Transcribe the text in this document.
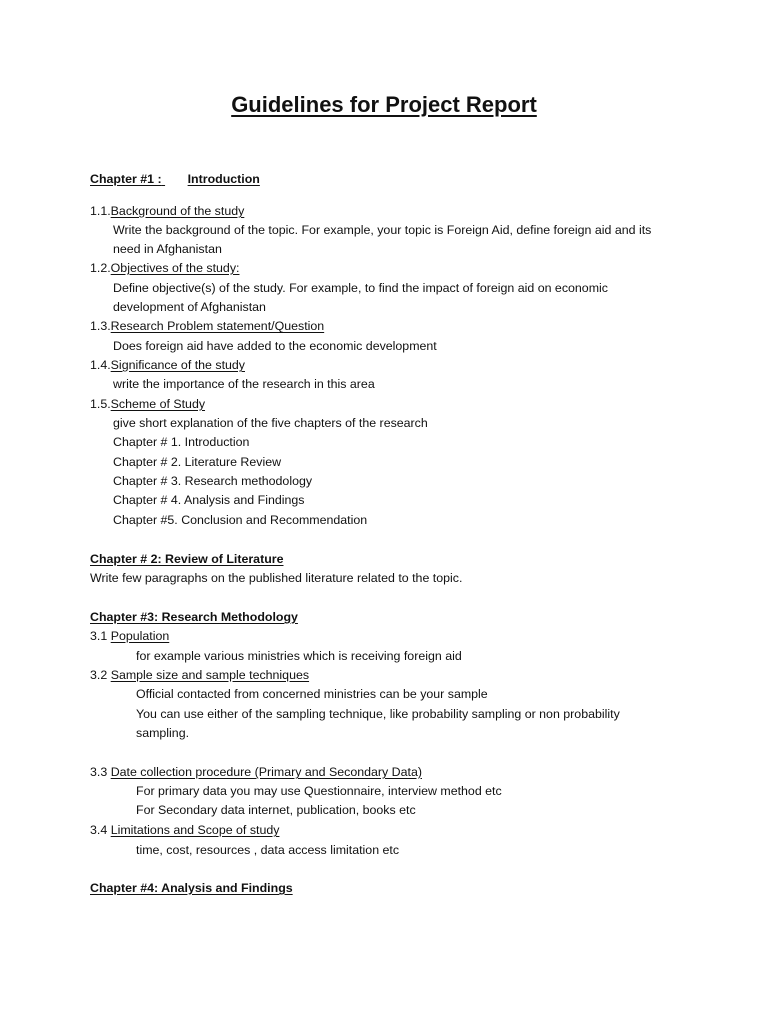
Guidelines for Project Report
Chapter #1 : Introduction
1.1.Background of the study
Write the background of the topic. For example, your topic is Foreign Aid, define foreign aid and its
need in Afghanistan
1.2.Objectives of the study:
Define objective(s) of the study. For example, to find the impact of foreign aid on economic
development of Afghanistan
1.3.Research Problem statement/Question
Does foreign aid have added to the economic development
1.4.Significance of the study
write the importance of the research in this area
1.5.Scheme of Study
give short explanation of the five chapters of the research
Chapter # 1. Introduction
Chapter # 2. Literature Review
Chapter # 3. Research methodology
Chapter # 4. Analysis and Findings
Chapter #5. Conclusion and Recommendation
Chapter # 2: Review of Literature
Write few paragraphs on the published literature related to the topic.
Chapter #3: Research Methodology
3.1 Population
for example various ministries which is receiving foreign aid
3.2 Sample size and sample techniques
Official contacted from concerned ministries can be your sample
You can use either of the sampling technique, like probability sampling or non probability
sampling.
3.3 Date collection procedure (Primary and Secondary Data)
For primary data you may use Questionnaire, interview method etc
For Secondary data internet, publication, books etc
3.4 Limitations and Scope of study
time, cost, resources , data access limitation etc
Chapter #4: Analysis and Findings
